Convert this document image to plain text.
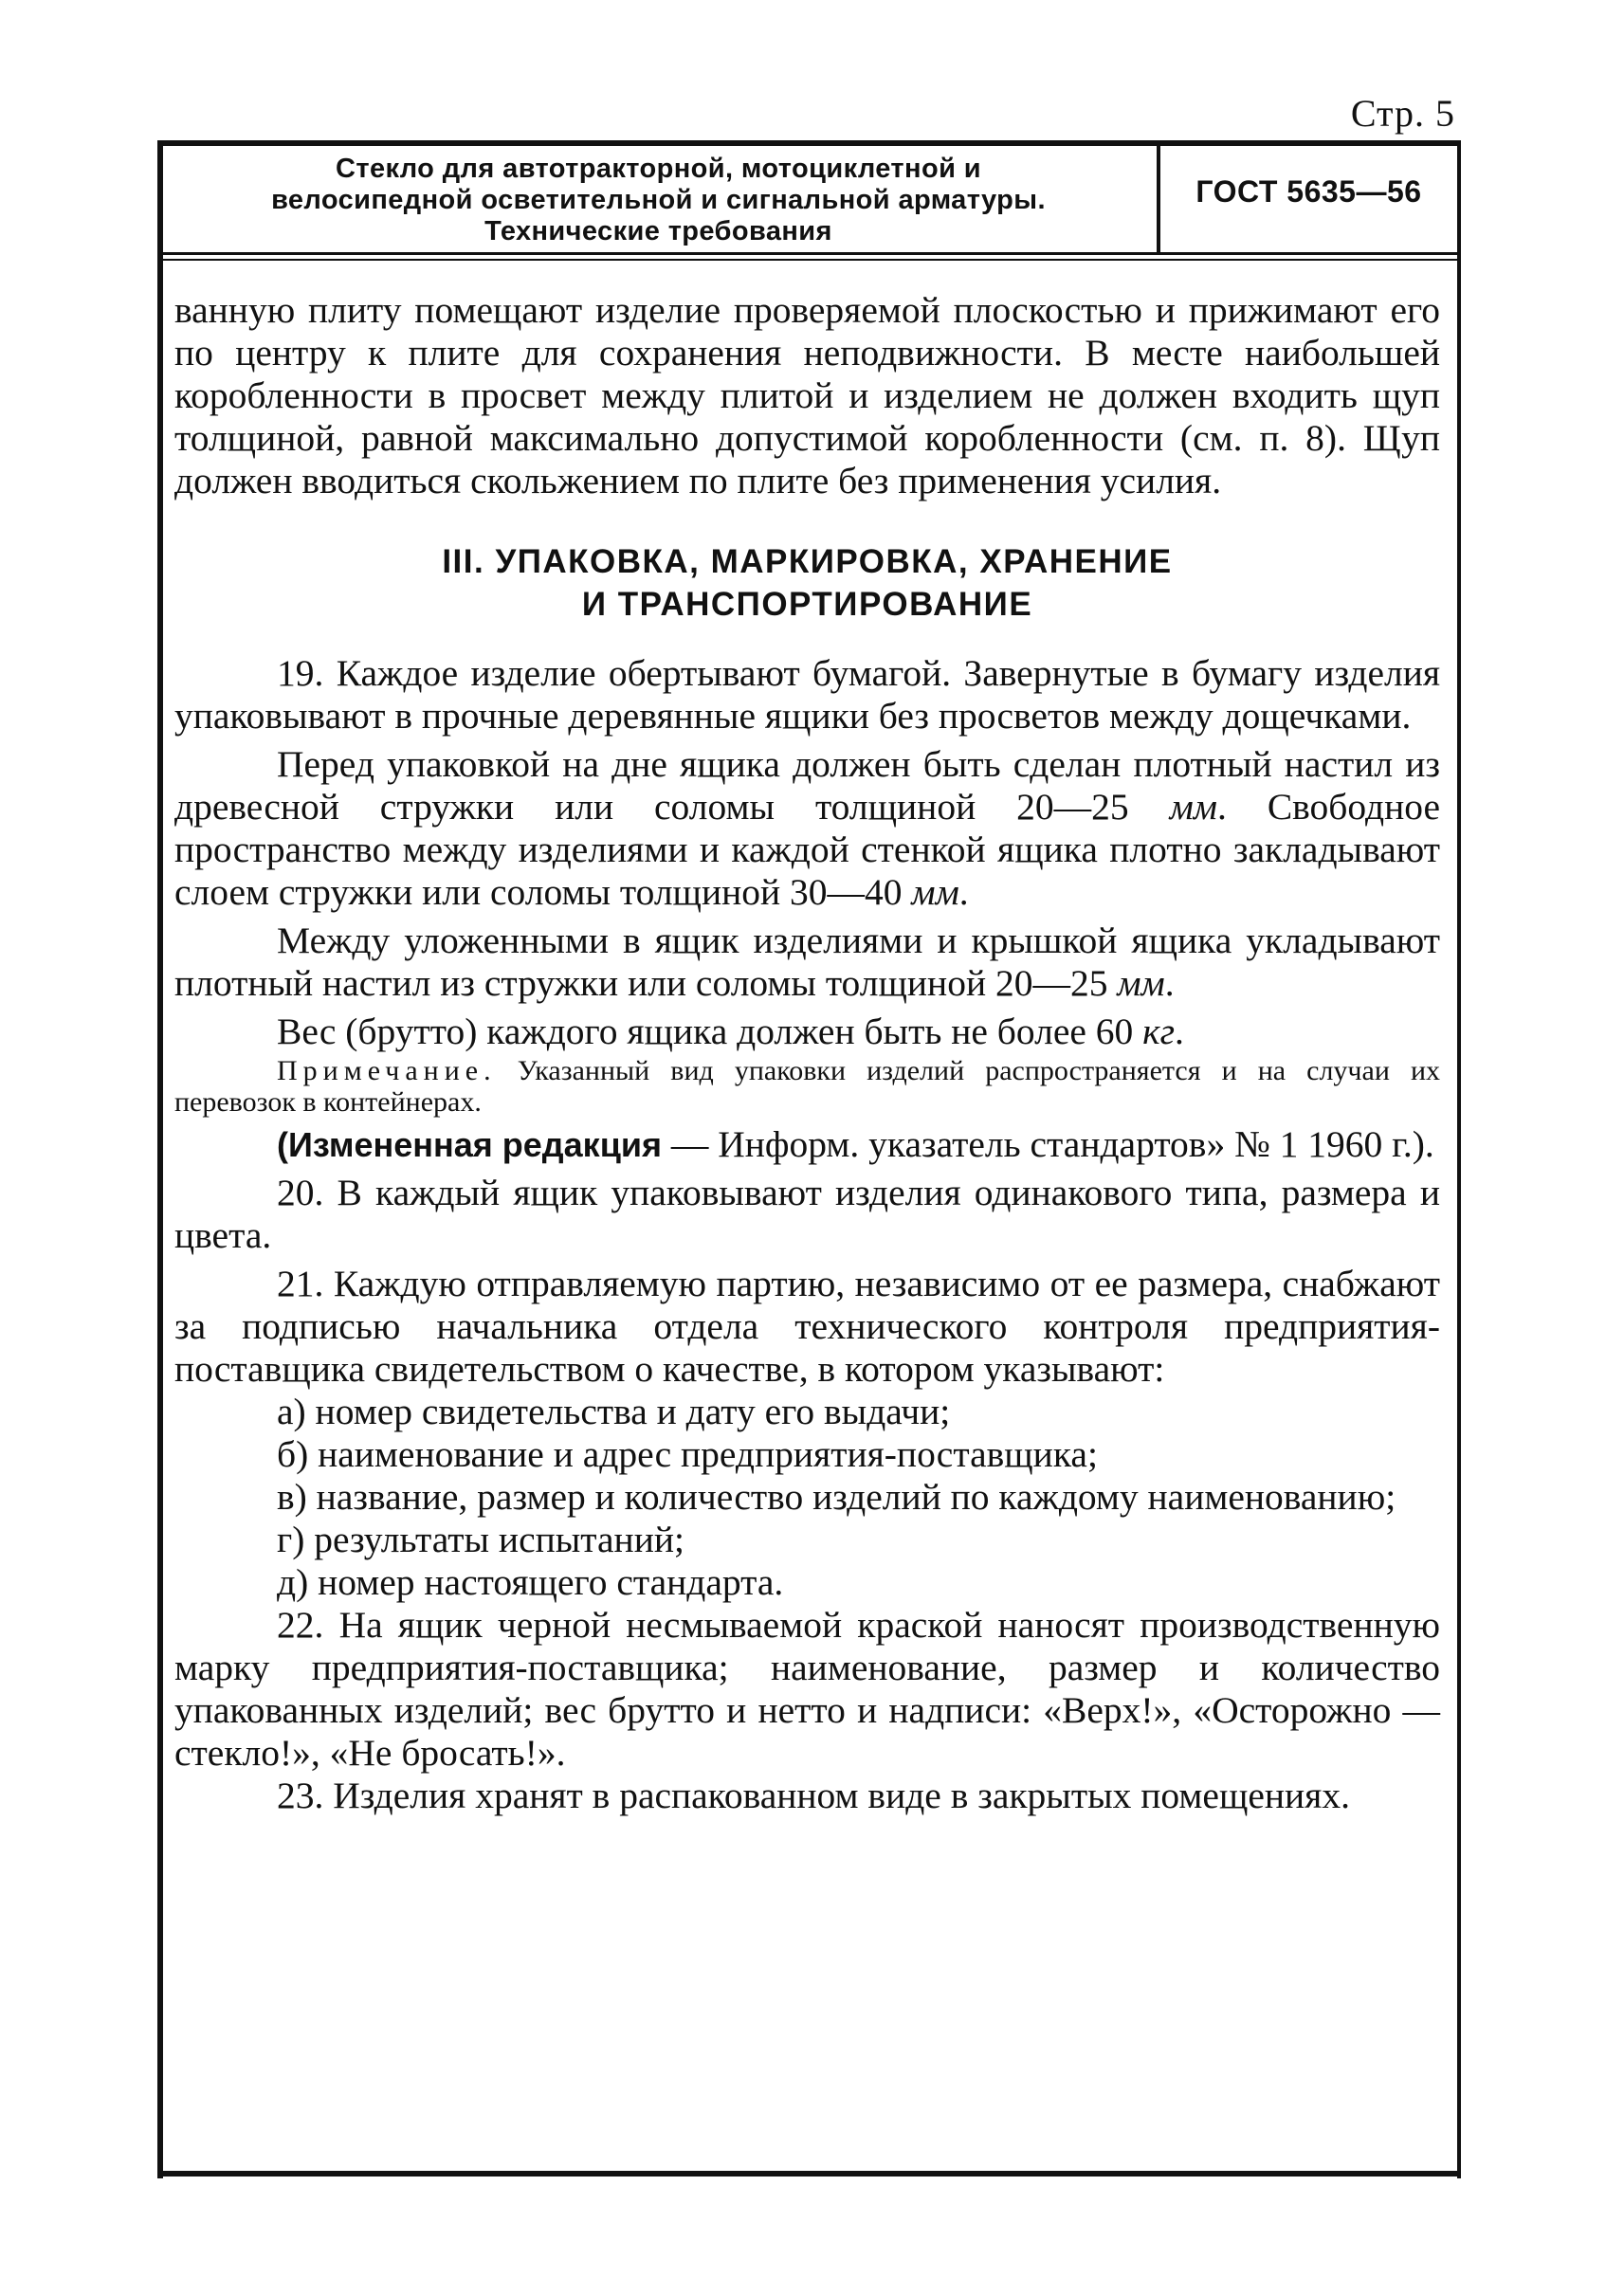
Стр. 5
Стекло для автотракторной, мотоциклетной и
велосипедной осветительной и сигнальной арматуры.
Технические требования
ГОСТ 5635—56

ванную плиту помещают изделие проверяемой плоскостью и прижимают его по центру к плите для сохранения неподвижности. В месте наибольшей коробленности в просвет между плитой и изделием не должен входить щуп толщиной, равной максимально допустимой коробленности (см. п. 8). Щуп должен вводиться скольжением по плите без применения усилия.

III. УПАКОВКА, МАРКИРОВКА, ХРАНЕНИЕ
И ТРАНСПОРТИРОВАНИЕ

19. Каждое изделие обертывают бумагой. Завернутые в бумагу изделия упаковывают в прочные деревянные ящики без просветов между дощечками.

Перед упаковкой на дне ящика должен быть сделан плотный настил из древесной стружки или соломы толщиной 20—25 мм. Свободное пространство между изделиями и каждой стенкой ящика плотно закладывают слоем стружки или соломы толщиной 30—40 мм.

Между уложенными в ящик изделиями и крышкой ящика укладывают плотный настил из стружки или соломы толщиной 20—25 мм.

Вес (брутто) каждого ящика должен быть не более 60 кг.

Примечание. Указанный вид упаковки изделий распространяется и на случаи их перевозок в контейнерах.

(Измененная редакция — Информ. указатель стандартов» № 1 1960 г.).

20. В каждый ящик упаковывают изделия одинакового типа, размера и цвета.

21. Каждую отправляемую партию, независимо от ее размера, снабжают за подписью начальника отдела технического контроля предприятия-поставщика свидетельством о качестве, в котором указывают:

а) номер свидетельства и дату его выдачи;

б) наименование и адрес предприятия-поставщика;

в) название, размер и количество изделий по каждому наименованию;

г) результаты испытаний;

д) номер настоящего стандарта.

22. На ящик черной несмываемой краской наносят производственную марку предприятия-поставщика; наименование, размер и количество упакованных изделий; вес брутто и нетто и надписи: «Верх!», «Осторожно — стекло!», «Не бросать!».

23. Изделия хранят в распакованном виде в закрытых помещениях.
